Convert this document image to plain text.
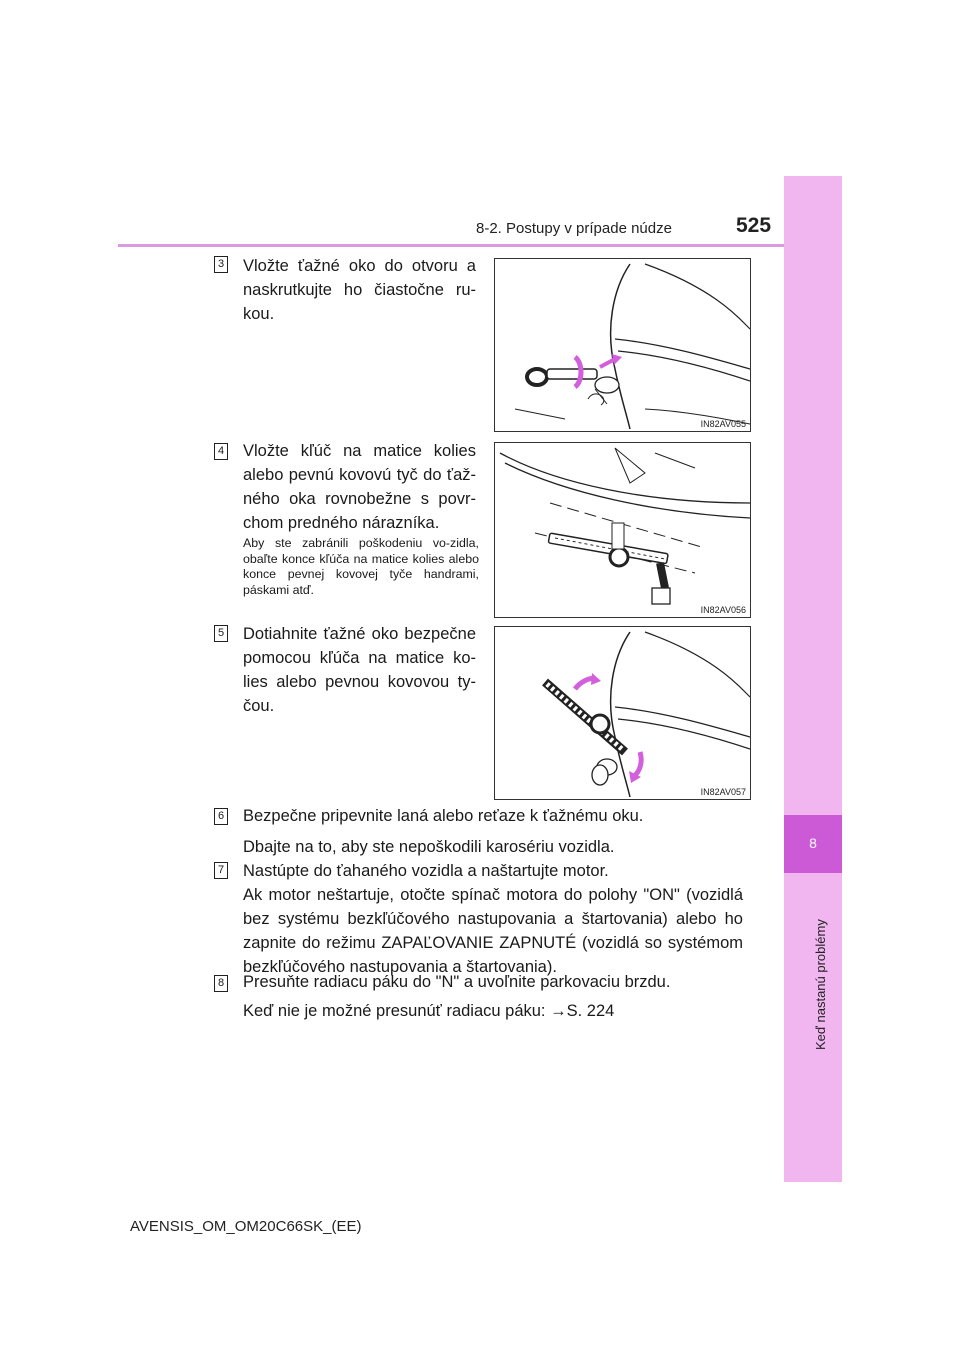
8
Keď nastanú problémy
8-2. Postupy v prípade núdze	525
3 Vložte ťažné oko do otvoru a naskrutkujte ho čiastočne ru-kou.
IN82AV055
4 Vložte kľúč na matice kolies alebo pevnú kovovú tyč do ťaž-ného oka rovnobežne s povr-chom predného nárazníka.
Aby ste zabránili poškodeniu vo-zidla, obaľte konce kľúča na matice kolies alebo konce pevnej kovovej tyče handrami, páskami atď.
IN82AV056
5 Dotiahnite ťažné oko bezpečne pomocou kľúča na matice ko-lies alebo pevnou kovovou ty-čou.
IN82AV057
6 Bezpečne pripevnite laná alebo reťaze k ťažnému oku.
Dbajte na to, aby ste nepoškodili karosériu vozidla.
7 Nastúpte do ťahaného vozidla a naštartujte motor.
Ak motor neštartuje, otočte spínač motora do polohy "ON" (vozidlá bez systému bezkľúčového nastupovania a štartovania) alebo ho zapnite do režimu ZAPAĽOVANIE ZAPNUTÉ (vozidlá so systémom bezkľúčového nastupovania a štartovania).
8 Presuňte radiacu páku do "N" a uvoľnite parkovaciu brzdu.
Keď nie je možné presunúť radiacu páku: →S. 224
AVENSIS_OM_OM20C66SK_(EE)
